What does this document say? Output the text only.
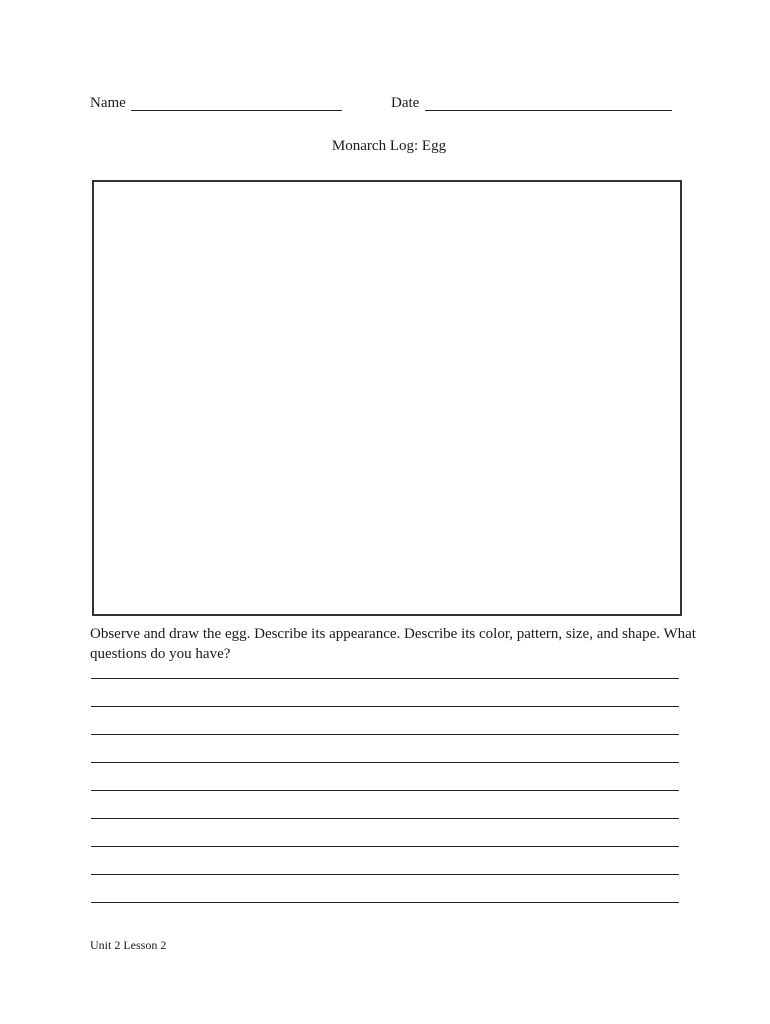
Name	Date
Monarch Log: Egg
Observe and draw the egg. Describe its appearance. Describe its color, pattern, size, and shape. What questions do you have?
Unit 2 Lesson 2
